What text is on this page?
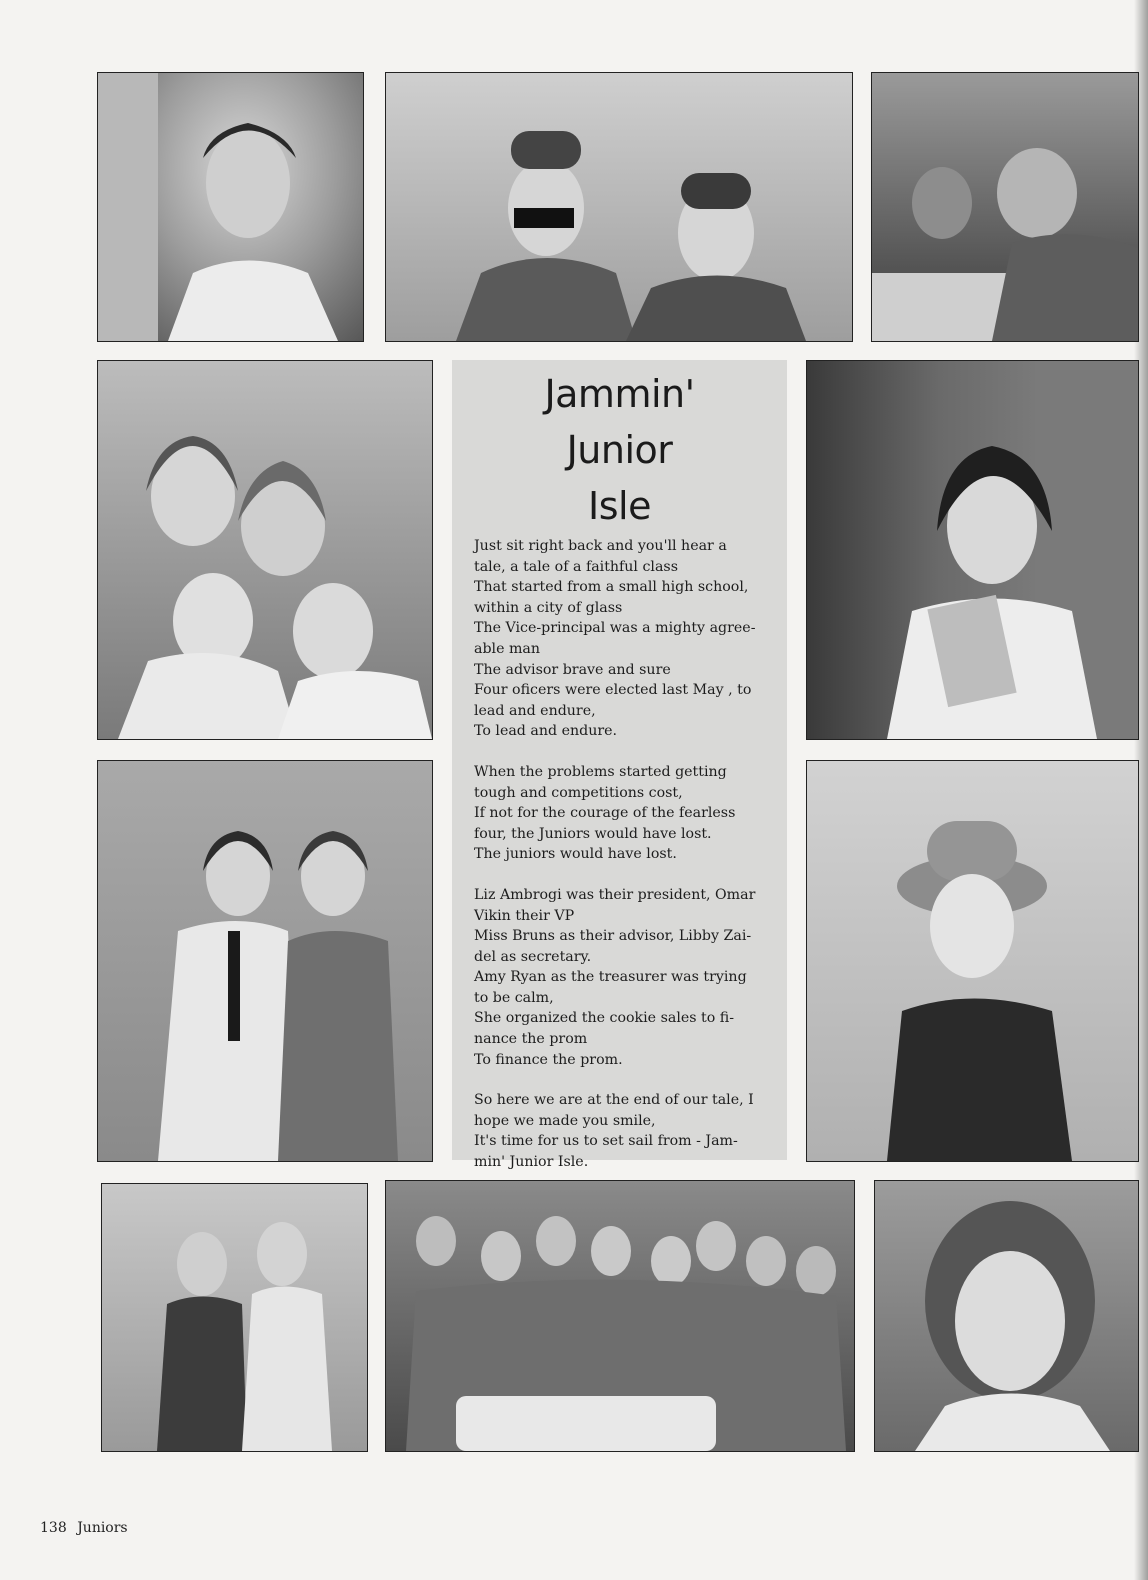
Jammin'
Junior
Isle

Just sit right back and you'll hear a
tale, a tale of a faithful class
That started from a small high school,
within a city of glass
The Vice-principal was a mighty agree-
able man
The advisor brave and sure
Four oficers were elected last May , to
lead and endure,
To lead and endure.

When the problems started getting
tough and competitions cost,
If not for the courage of the fearless
four, the Juniors would have lost.
The juniors would have lost.

Liz Ambrogi was their president, Omar
Vikin their VP
Miss Bruns as their advisor, Libby Zai-
del as secretary.
Amy Ryan as the treasurer was trying
to be calm,
She organized the cookie sales to fi-
nance the prom
To finance the prom.

So here we are at the end of our tale, I
hope we made you smile,
It's time for us to set sail from - Jam-
min' Junior Isle.

138 Juniors
